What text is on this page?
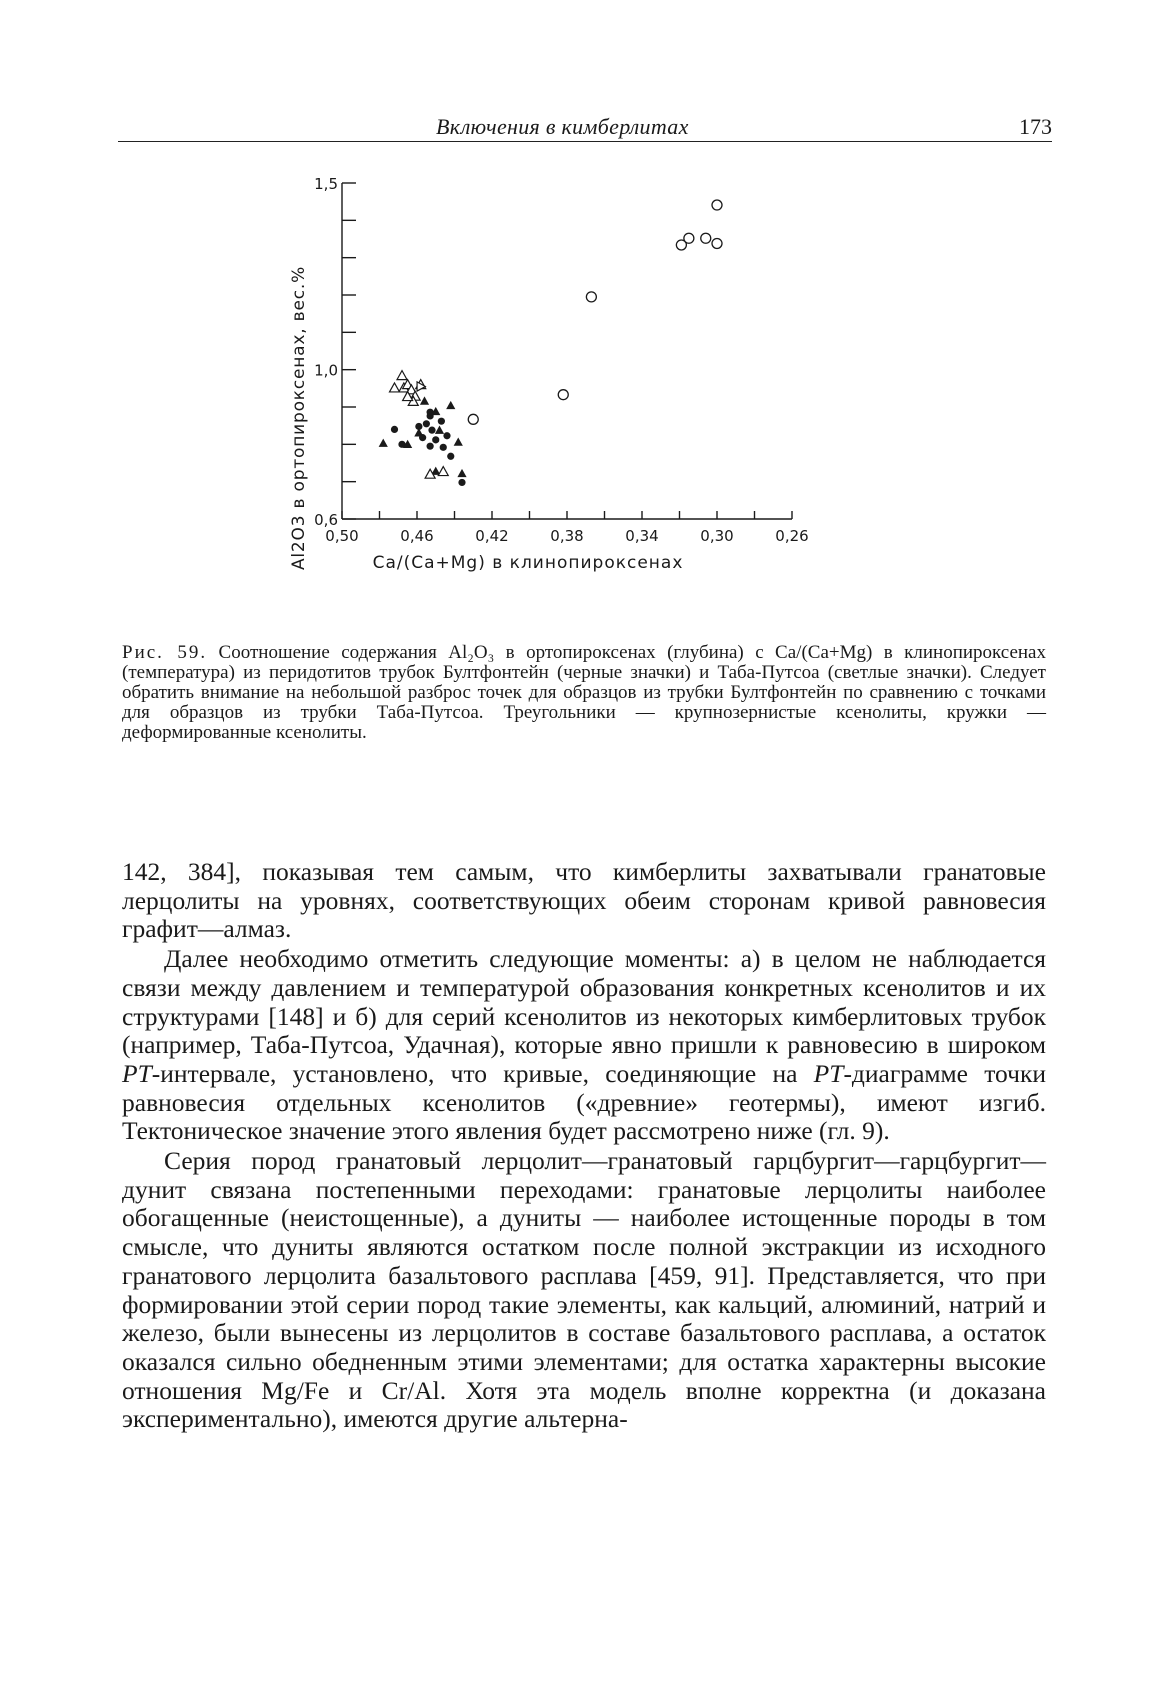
Включения в кимберлитах	173
0,50	0,46	0,42	0,38	0,34	0,30	0,26
0,6
1,0
1,5
Ca/(Ca+Mg) в клинопироксенах
Al2O3 в ортопироксенах, вес.%
Рис. 59. Соотношение содержания Al₂O₃ в ортопироксенах (глубина) с Ca/(Ca+Mg) в клинопироксенах (температура) из перидотитов трубок Бултфонтейн (черные значки) и Таба-Путсоа (светлые значки). Следует обратить внимание на небольшой разброс точек для образцов из трубки Бултфонтейн по сравнению с точками для образцов из трубки Таба-Путсоа. Треугольники — крупнозернистые ксенолиты, кружки — деформированные ксенолиты.

142, 384], показывая тем самым, что кимберлиты захватывали гранатовые лерцолиты на уровнях, соответствующих обеим сторонам кривой равновесия графит—алмаз.

Далее необходимо отметить следующие моменты: а) в целом не наблюдается связи между давлением и температурой образования конкретных ксенолитов и их структурами [148] и б) для серий ксенолитов из некоторых кимберлитовых трубок (например, Таба-Путсоа, Удачная), которые явно пришли к равновесию в широком PT-интервале, установлено, что кривые, соединяющие на PT-диаграмме точки равновесия отдельных ксенолитов («древние» геотермы), имеют изгиб. Тектоническое значение этого явления будет рассмотрено ниже (гл. 9).

Серия пород гранатовый лерцолит—гранатовый гарцбургит—гарцбургит—дунит связана постепенными переходами: гранатовые лерцолиты наиболее обогащенные (неистощенные), а дуниты — наиболее истощенные породы в том смысле, что дуниты являются остатком после полной экстракции из исходного гранатового лерцолита базальтового расплава [459, 91]. Представляется, что при формировании этой серии пород такие элементы, как кальций, алюминий, натрий и железо, были вынесены из лерцолитов в составе базальтового расплава, а остаток оказался сильно обедненным этими элементами; для остатка характерны высокие отношения Mg/Fe и Cr/Al. Хотя эта модель вполне корректна (и доказана экспериментально), имеются другие альтерна-
